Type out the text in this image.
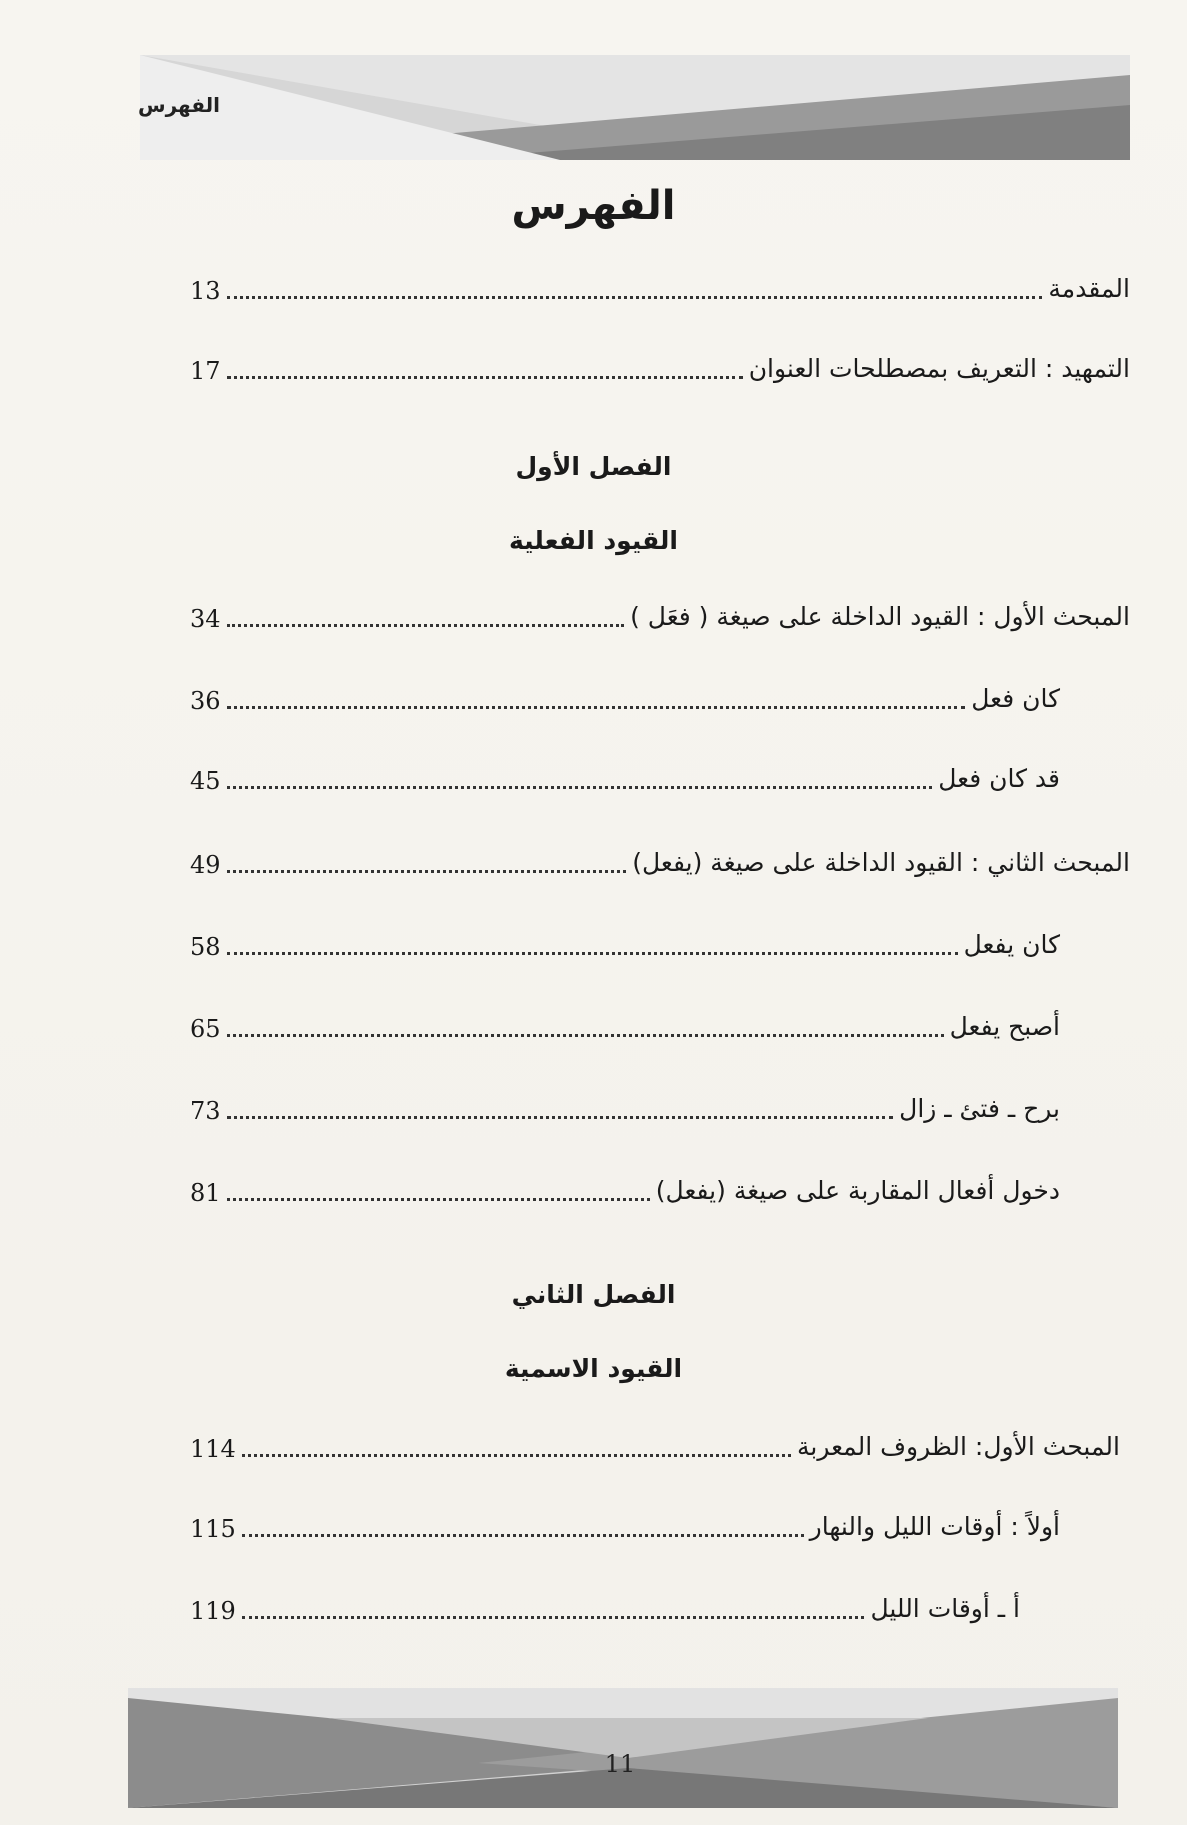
الفهرس
الفهرس
13	المقدمة
17	التمهيد : التعريف بمصطلحات العنوان
الفصل الأول
القيود الفعلية
34	المبحث الأول : القيود الداخلة على صيغة ( فعَل )
36	كان فعل
45	قد كان فعل
49	المبحث الثاني : القيود الداخلة على صيغة (يفعل)
58	كان يفعل
65	أصبح يفعل
73	برح ـ فتئ ـ زال
81	دخول أفعال المقاربة على صيغة (يفعل)
الفصل الثاني
القيود الاسمية
114	المبحث الأول: الظروف المعربة
115	أولاً : أوقات الليل والنهار
119	أ ـ أوقات الليل
11
